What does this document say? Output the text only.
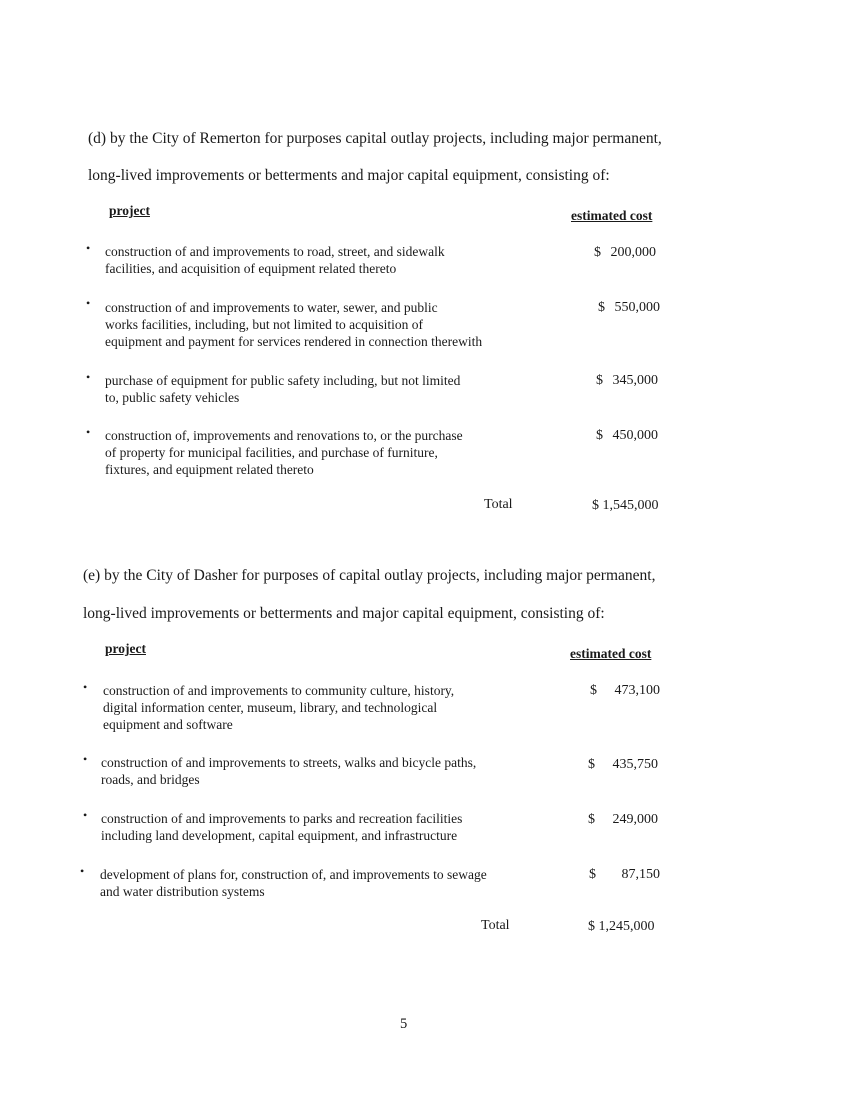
(d) by the City of Remerton for purposes capital outlay projects, including major permanent,
long-lived improvements or betterments and major capital equipment, consisting of:
project	estimated cost
• construction of and improvements to road, street, and sidewalk
facilities, and acquisition of equipment related thereto
$ 200,000
• construction of and improvements to water, sewer, and public
works facilities, including, but not limited to acquisition of
equipment and payment for services rendered in connection therewith
$ 550,000
• purchase of equipment for public safety including, but not limited
to, public safety vehicles
$ 345,000
• construction of, improvements and renovations to, or the purchase
of property for municipal facilities, and purchase of furniture,
fixtures, and equipment related thereto
$ 450,000
Total	$ 1,545,000
(e) by the City of Dasher for purposes of capital outlay projects, including major permanent,
long-lived improvements or betterments and major capital equipment, consisting of:
project	estimated cost
• construction of and improvements to community culture, history,
digital information center, museum, library, and technological
equipment and software
$ 473,100
• construction of and improvements to streets, walks and bicycle paths,
roads, and bridges
$ 435,750
• construction of and improvements to parks and recreation facilities
including land development, capital equipment, and infrastructure
$ 249,000
• development of plans for, construction of, and improvements to sewage
and water distribution systems
$ 87,150
Total	$ 1,245,000
5
